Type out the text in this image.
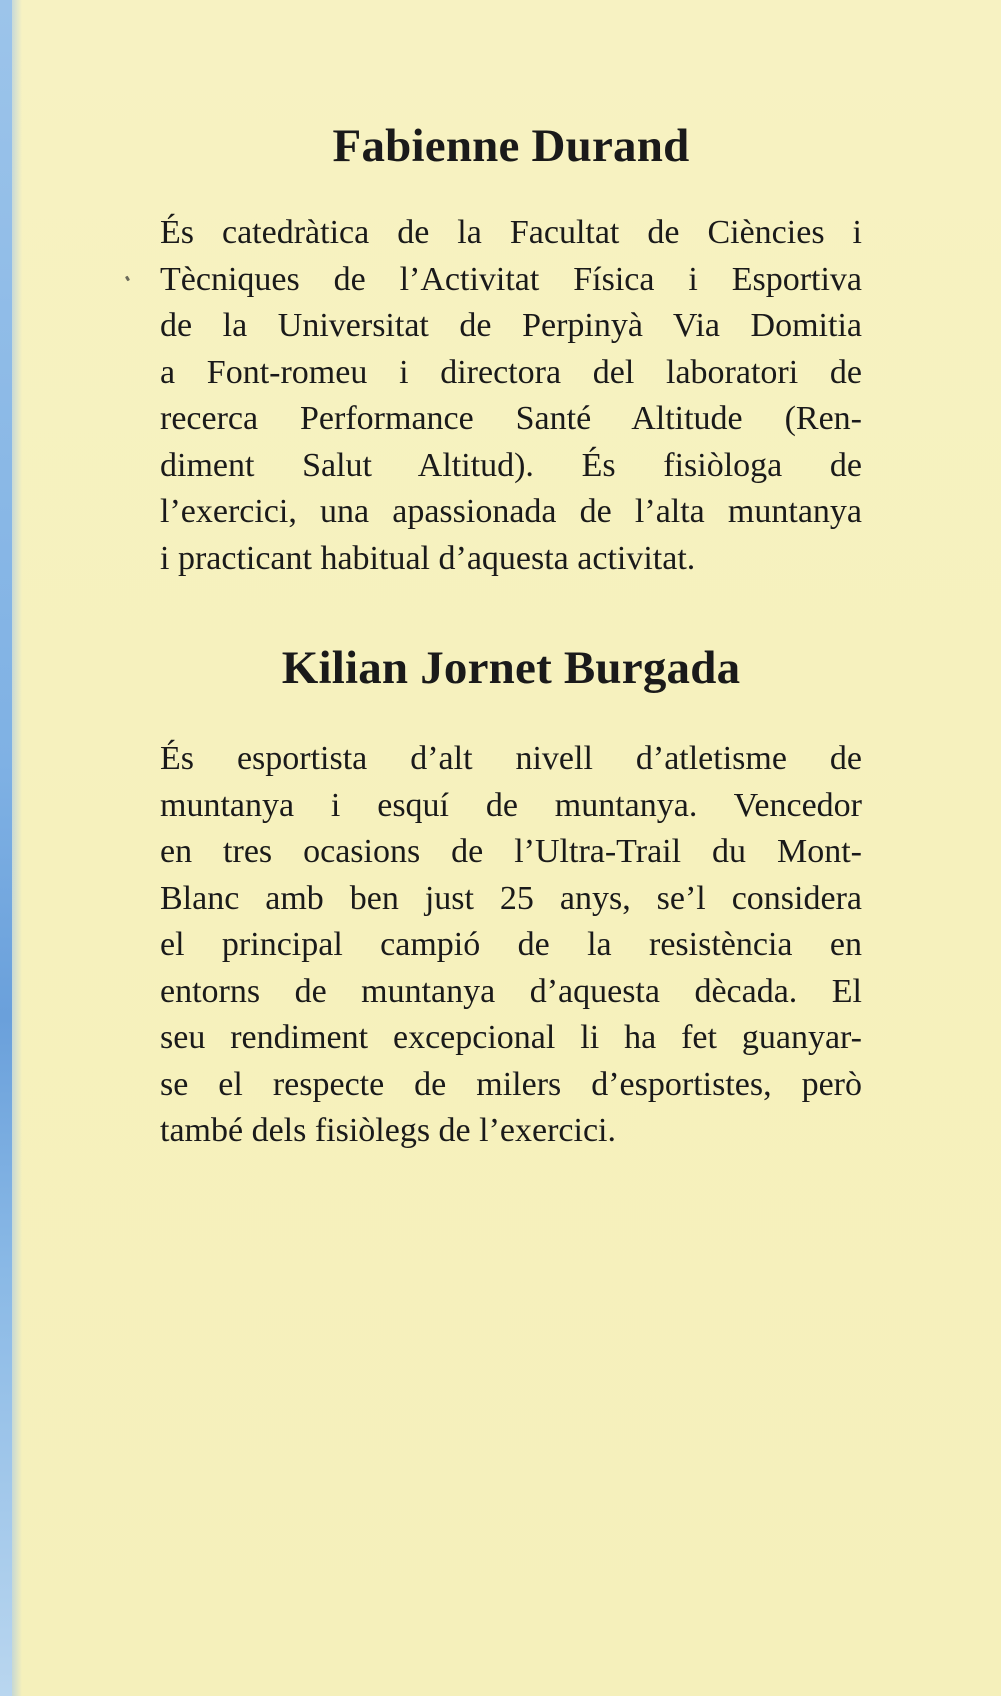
Fabienne Durand

És catedràtica de la Facultat de Ciències i
Tècniques de l’Activitat Física i Esportiva
de la Universitat de Perpinyà Via Domitia
a Font-romeu i directora del laboratori de
recerca Performance Santé Altitude (Ren-
diment Salut Altitud). És fisiòloga de
l’exercici, una apassionada de l’alta muntanya
i practicant habitual d’aquesta activitat.

Kilian Jornet Burgada

És esportista d’alt nivell d’atletisme de
muntanya i esquí de muntanya. Vencedor
en tres ocasions de l’Ultra-Trail du Mont-
Blanc amb ben just 25 anys, se’l considera
el principal campió de la resistència en
entorns de muntanya d’aquesta dècada. El
seu rendiment excepcional li ha fet guanyar-
se el respecte de milers d’esportistes, però
també dels fisiòlegs de l’exercici.
